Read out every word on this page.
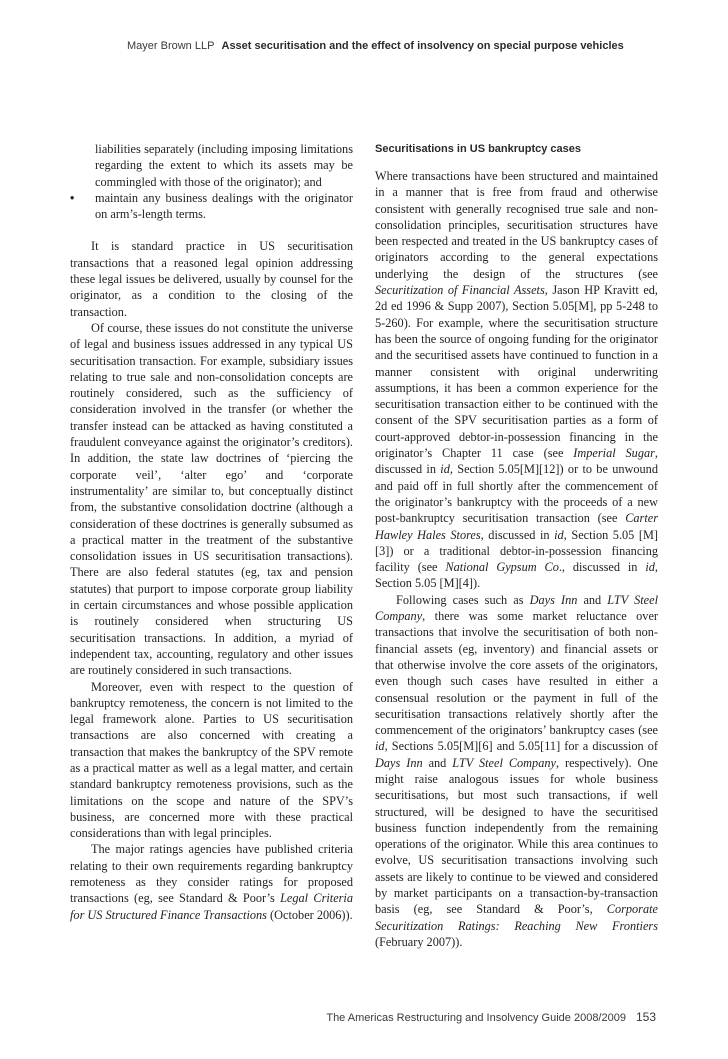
Mayer Brown LLP Asset securitisation and the effect of insolvency on special purpose vehicles
liabilities separately (including imposing limitations regarding the extent to which its assets may be commingled with those of the originator); and
• maintain any business dealings with the originator on arm’s-length terms.

It is standard practice in US securitisation transactions that a reasoned legal opinion addressing these legal issues be delivered, usually by counsel for the originator, as a condition to the closing of the transaction.

Of course, these issues do not constitute the universe of legal and business issues addressed in any typical US securitisation transaction. For example, subsidiary issues relating to true sale and non-consolidation concepts are routinely considered, such as the sufficiency of consideration involved in the transfer (or whether the transfer instead can be attacked as having constituted a fraudulent conveyance against the originator’s creditors). In addition, the state law doctrines of ‘piercing the corporate veil’, ‘alter ego’ and ‘corporate instrumentality’ are similar to, but conceptually distinct from, the substantive consolidation doctrine (although a consideration of these doctrines is generally subsumed as a practical matter in the treatment of the substantive consolidation issues in US securitisation transactions). There are also federal statutes (eg, tax and pension statutes) that purport to impose corporate group liability in certain circumstances and whose possible application is routinely considered when structuring US securitisation transactions. In addition, a myriad of independent tax, accounting, regulatory and other issues are routinely considered in such transactions.

Moreover, even with respect to the question of bankruptcy remoteness, the concern is not limited to the legal framework alone. Parties to US securitisation transactions are also concerned with creating a transaction that makes the bankruptcy of the SPV remote as a practical matter as well as a legal matter, and certain standard bankruptcy remoteness provisions, such as the limitations on the scope and nature of the SPV’s business, are concerned more with these practical considerations than with legal principles.

The major ratings agencies have published criteria relating to their own requirements regarding bankruptcy remoteness as they consider ratings for proposed transactions (eg, see Standard & Poor’s Legal Criteria for US Structured Finance Transactions (October 2006)).

Securitisations in US bankruptcy cases

Where transactions have been structured and maintained in a manner that is free from fraud and otherwise consistent with generally recognised true sale and non-consolidation principles, securitisation structures have been respected and treated in the US bankruptcy cases of originators according to the general expectations underlying the design of the structures (see Securitization of Financial Assets, Jason HP Kravitt ed, 2d ed 1996 & Supp 2007), Section 5.05[M], pp 5-248 to 5-260). For example, where the securitisation structure has been the source of ongoing funding for the originator and the securitised assets have continued to function in a manner consistent with original underwriting assumptions, it has been a common experience for the securitisation transaction either to be continued with the consent of the SPV securitisation parties as a form of court-approved debtor-in-possession financing in the originator’s Chapter 11 case (see Imperial Sugar, discussed in id, Section 5.05[M][12]) or to be unwound and paid off in full shortly after the commencement of the originator’s bankruptcy with the proceeds of a new post-bankruptcy securitisation transaction (see Carter Hawley Hales Stores, discussed in id, Section 5.05 [M][3]) or a traditional debtor-in-possession financing facility (see National Gypsum Co., discussed in id, Section 5.05 [M][4]).

Following cases such as Days Inn and LTV Steel Company, there was some market reluctance over transactions that involve the securitisation of both non-financial assets (eg, inventory) and financial assets or that otherwise involve the core assets of the originators, even though such cases have resulted in either a consensual resolution or the payment in full of the securitisation transactions relatively shortly after the commencement of the originators’ bankruptcy cases (see id, Sections 5.05[M][6] and 5.05[11] for a discussion of Days Inn and LTV Steel Company, respectively). One might raise analogous issues for whole business securitisations, but most such transactions, if well structured, will be designed to have the securitised business function independently from the remaining operations of the originator. While this area continues to evolve, US securitisation transactions involving such assets are likely to continue to be viewed and considered by market participants on a transaction-by-transaction basis (eg, see Standard & Poor’s, Corporate Securitization Ratings: Reaching New Frontiers (February 2007)).

The Americas Restructuring and Insolvency Guide 2008/2009 153
